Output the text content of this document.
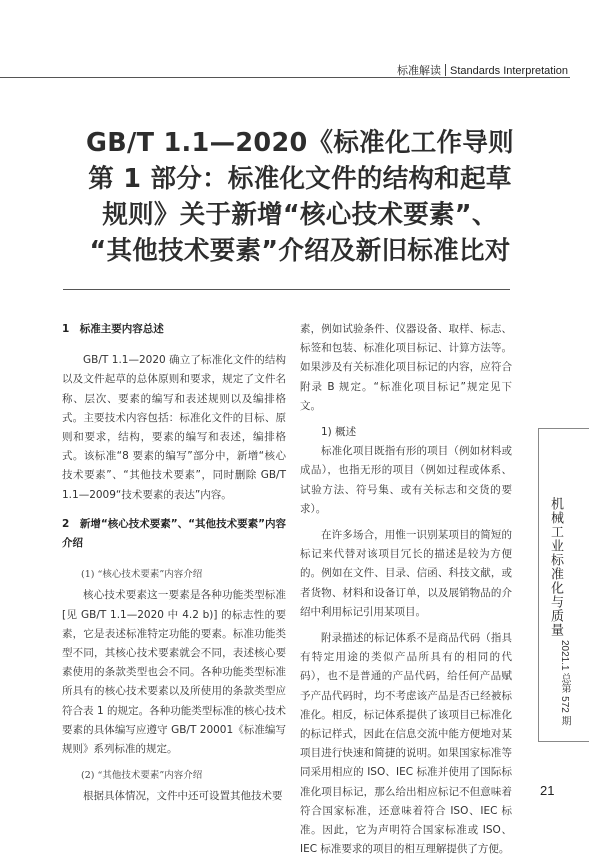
标准解读 Standards Interpretation
GB/T 1.1—2020《标准化工作导则
第 1 部分：标准化文件的结构和起草
规则》关于新增“核心技术要素”、
“其他技术要素”介绍及新旧标准比对

1　标准主要内容总述

GB/T 1.1—2020 确立了标准化文件的结构以及文件起草的总体原则和要求，规定了文件名称、层次、要素的编写和表述规则以及编排格式。主要技术内容包括：标准化文件的目标、原则和要求，结构，要素的编写和表述，编排格式。该标准“8 要素的编写”部分中，新增“核心技术要素”、“其他技术要素”，同时删除 GB/T 1.1—2009“技术要素的表达”内容。

2　新增“核心技术要素”、“其他技术要素”内容介绍

(1) “核心技术要素”内容介绍

核心技术要素这一要素是各种功能类型标准[见 GB/T 1.1—2020 中 4.2 b)] 的标志性的要素，它是表述标准特定功能的要素。标准功能类型不同，其核心技术要素就会不同，表述核心要素使用的条款类型也会不同。各种功能类型标准所具有的核心技术要素以及所使用的条款类型应符合表 1 的规定。各种功能类型标准的核心技术要素的具体编写应遵守 GB/T 20001《标准编写规则》系列标准的规定。

(2) “其他技术要素”内容介绍

根据具体情况，文件中还可设置其他技术要

素，例如试验条件、仪器设备、取样、标志、标签和包装、标准化项目标记、计算方法等。如果涉及有关标准化项目标记的内容，应符合附录 B 规定。“标准化项目标记”规定见下文。

1) 概述

标准化项目既指有形的项目（例如材料或成品），也指无形的项目（例如过程或体系、试验方法、符号集、或有关标志和交货的要求）。

在许多场合，用惟一识别某项目的简短的标记来代替对该项目冗长的描述是较为方便的。例如在文件、目录、信函、科技文献，或者货物、材料和设备订单，以及展销物品的介绍中利用标记引用某项目。

附录描述的标记体系不是商品代码（指具有特定用途的类似产品所具有的相同的代码），也不是普通的产品代码，给任何产品赋予产品代码时，均不考虑该产品是否已经被标准化。相反，标记体系提供了该项目已标准化的标记样式，因此在信息交流中能方便地对某项目进行快速和简捷的说明。如果国家标准等同采用相应的 ISO、IEC 标准并使用了国际标准化项目标记，那么给出相应标记不但意味着符合国家标准，还意味着符合 ISO、IEC 标准。因此，它为声明符合国家标准或 ISO、IEC 标准要求的项目的相互理解提供了方便。

机械工业标准化与质量
2021.1 总第 572 期
21
